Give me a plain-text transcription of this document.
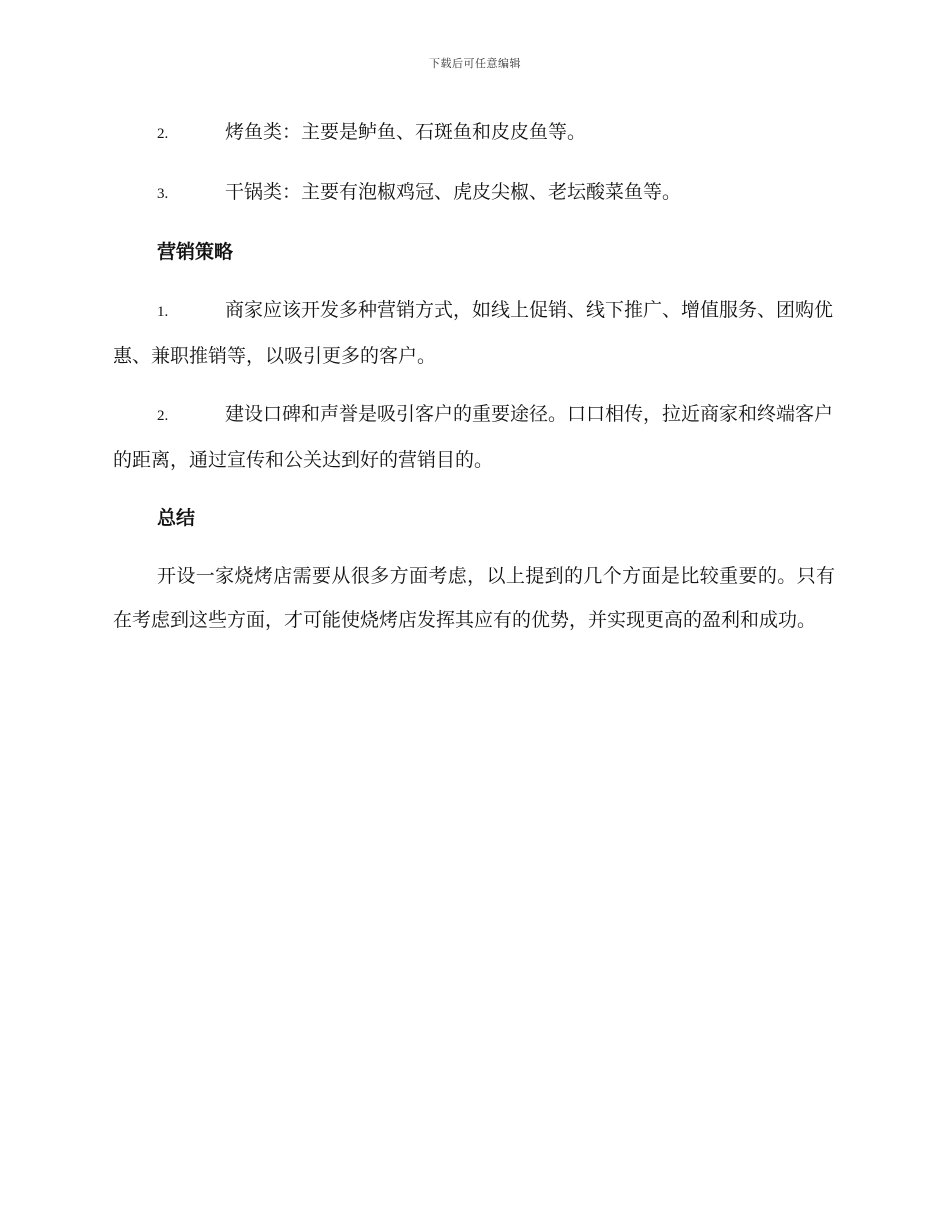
下载后可任意编辑
2.	烤鱼类：主要是鲈鱼、石斑鱼和皮皮鱼等。
3.	干锅类：主要有泡椒鸡冠、虎皮尖椒、老坛酸菜鱼等。
营销策略
1.	商家应该开发多种营销方式，如线上促销、线下推广、增值服务、团购优惠、兼职推销等，以吸引更多的客户。
2.	建设口碑和声誉是吸引客户的重要途径。口口相传，拉近商家和终端客户的距离，通过宣传和公关达到好的营销目的。
总结

开设一家烧烤店需要从很多方面考虑，以上提到的几个方面是比较重要的。只有在考虑到这些方面，才可能使烧烤店发挥其应有的优势，并实现更高的盈利和成功。
